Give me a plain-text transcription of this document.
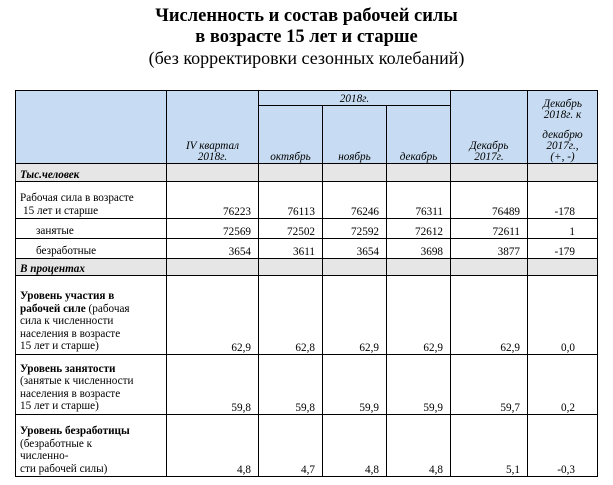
Численность и состав рабочей силы
в возрасте 15 лет и старше
(без корректировки сезонных колебаний)
	IV квартал 2018г.	2018г.			Декабрь 2017г.	Декабрь 2018г. к
декабрю 2017г.,
(+, -)

		октябрь	ноябрь	декабрь		
Тыс.человек						

Рабочая сила в возрасте
15 лет и старше	76223	76113	76246	76311	76489	-178
занятые	72569	72502	72592	72612	72611	1
безработные	3654	3611	3654	3698	3877	-179
В процентах						

Уровень участия в
рабочей силе (рабочая
сила к численности
населения в возрасте
15 лет и старше)	62,9	62,8	62,9	62,9	62,9	0,0

Уровень занятости
(занятые к численности
населения в возрасте
15 лет и старше)	59,8	59,8	59,9	59,9	59,7	0,2

Уровень безработицы
(безработные к
численно-
сти рабочей силы)	4,8	4,7	4,8	4,8	5,1	-0,3
